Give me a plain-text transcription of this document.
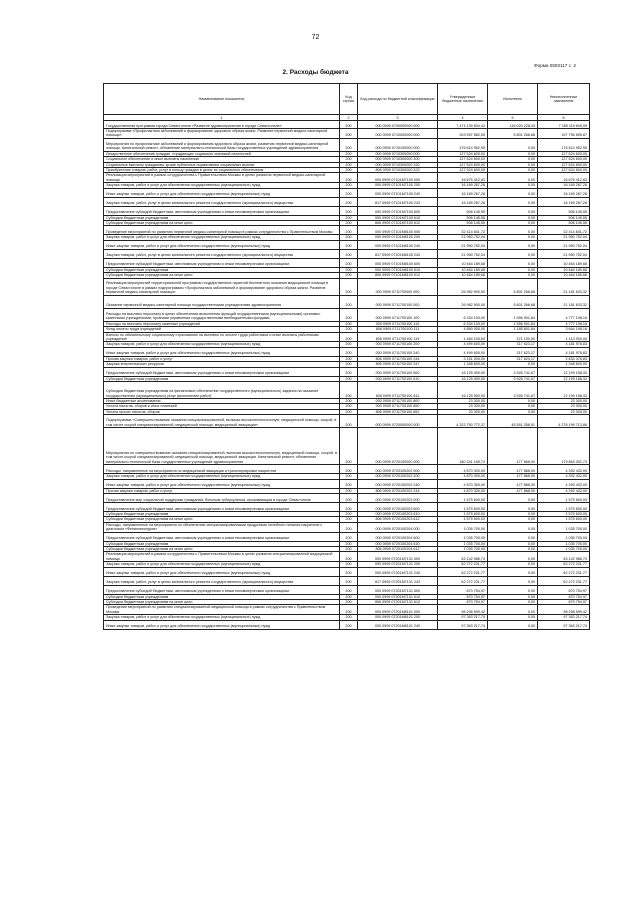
72
Форма 0503117 с. 2
2. Расходы бюджета
Наименование показателя	Код строки	Код расхода по бюджетной классификации	Утвержденные бюджетные назначения	Исполнено	Неисполненные назначения
1	2	3	4	5	6
Государственная программа города Севастополя «Развитие здравоохранения в городе Севастополе»	200	000 0909 0700000000 000	7 471 139 834,42	116 020 228,43	7 355 119 605,99
Подпрограмма «Профилактика заболеваний и формирование здорового образа жизни. Развитие первичной медико-санитарной помощи»	200	000 0909 0710000000 000	203 597 882,55	5 801 266,68	197 796 595,87
Мероприятия по профилактике заболеваний и формированию здорового образа жизни, развитию первичной медико-санитарной помощи. Капитальный ремонт, обновление материально-технической базы государственных учреждений здравоохранения	200	000 0909 0710100000 000	176 614 952,55	0,00	176 614 952,55
Лекарственное обеспечение граждан, страдающих социально значимой патологией	200	000 0909 0710300000 000	127 524 600,00	0,00	127 524 600,00
Социальное обеспечение и иные выплаты населению	200	000 0909 0710300000 300	127 524 600,00	0,00	127 524 600,00
Социальные выплаты гражданам, кроме публичных нормативных социальных выплат	200	000 0909 0710300000 320	127 524 600,00	0,00	127 524 600,00
Приобретение товаров, работ, услуг в пользу граждан в целях их социального обеспечения	200	806 0909 0710300000 323	127 524 600,00	0,00	127 524 600,00
Реализация мероприятий в рамках сотрудничества с Правительством Москвы в целях развития первичной медико-санитарной помощи	200	000 0909 07101М7100 000	16 675 412,83	0,00	16 675 412,83
Закупка товаров, работ и услуг для обеспечения государственных (муниципальных) нужд	200	000 0909 07101М7100 200	16 169 267,28	0,00	16 169 267,28
Иные закупки товаров, работ и услуг для обеспечения государственных (муниципальных) нужд	200	000 0909 07101М7100 240	16 169 267,28	0,00	16 169 267,28
Закупка товаров, работ, услуг в целях капитального ремонта государственного (муниципального) имущества	200	817 0909 07101М7100 243	16 169 267,28	0,00	16 169 267,28
Предоставление субсидий бюджетным, автономным учреждениям и иным некоммерческим организациям	200	000 0909 07101М7100 600	506 145,55	0,00	506 145,55
Субсидии бюджетным учреждениям	200	000 0909 07101М7100 610	506 145,55	0,00	506 145,55
Субсидии бюджетным учреждениям на иные цели	200	806 0909 07101М7100 612	506 145,55	0,00	506 145,55
Проведение мероприятий по развитию первичной медико-санитарной помощи в рамках сотрудничества с Правительством Москвы	200	000 0909 07101М8100 000	32 414 841,72	0,00	32 414 841,72
Закупка товаров, работ и услуг для обеспечения государственных (муниципальных) нужд	200	000 0909 07101М8100 200	21 950 752,04	0,00	21 950 752,04
Иные закупки товаров, работ и услуг для обеспечения государственных (муниципальных) нужд	200	000 0909 07101М8100 240	21 950 752,04	0,00	21 950 752,04
Закупка товаров, работ, услуг в целях капитального ремонта государственного (муниципального) имущества	200	817 0909 07101М8100 243	21 950 752,04	0,00	21 950 752,04
Предоставление субсидий бюджетным, автономным учреждениям и иным некоммерческим организациям	200	000 0909 07101М8100 600	10 464 189,68	0,00	10 464 189,68
Субсидии бюджетным учреждениям	200	000 0909 07101М8100 610	10 464 189,68	0,00	10 464 189,68
Субсидии бюджетным учреждениям на иные цели	200	806 0909 07101М8100 612	10 464 189,68	0,00	10 464 189,68
Реализация мероприятий территориальной программы государственных гарантий бесплатного оказания медицинской помощи в городе Севастополе в рамках подпрограммы «Профилактика заболеваний и формирование здорового образа жизни. Развитие первичной медико-санитарной помощи»	200	000 0909 0711700000 000	26 982 900,00	5 801 266,68	21 181 633,32
Оказание первичной медико-санитарной помощи государственными учреждениями здравоохранения	200	000 0909 0711700100 000	26 982 900,00	5 801 266,68	21 181 633,32
Расходы на выплаты персоналу в целях обеспечения выполнения функций государственными (муниципальными) органами, казенными учреждениями, органами управления государственными внебюджетными фондами	200	000 0909 0711700100 100	6 334 100,00	1 556 901,84	4 777 198,16
Расходы на выплаты персоналу казенных учреждений	200	000 0909 0711700100 110	6 334 100,00	1 556 901,84	4 777 198,16
Фонд оплаты труда учреждений	200	806 0909 0711700100 111	4 850 000,00	1 185 801,84	3 664 198,16
Взносы по обязательному социальному страхованию на выплаты по оплате труда работников и иные выплаты работникам учреждений	200	806 0909 0711700100 119	1 484 100,00	371 100,00	1 113 000,00
Закупка товаров, работ и услуг для обеспечения государственных (муниципальных) нужд	200	000 0909 0711700100 200	4 499 600,00	317 623,17	4 181 976,83
Иные закупки товаров, работ и услуг для обеспечения государственных (муниципальных) нужд	200	000 0909 0711700100 240	4 499 600,00	317 623,17	4 181 976,83
Прочая закупка товаров, работ и услуг	200	806 0909 0711700100 244	3 151 000,00	317 623,17	2 833 376,83
Закупка энергетических ресурсов	200	806 0909 0711700100 247	1 348 600,00	0,00	1 348 600,00
Предоставление субсидий бюджетным, автономным учреждениям и иным некоммерческим организациям	200	000 0909 0711700100 600	16 125 900,00	3 926 741,67	12 199 158,33
Субсидии бюджетным учреждениям	200	000 0909 0711700100 610	16 125 900,00	3 926 741,67	12 199 158,33
Субсидии бюджетным учреждениям на финансовое обеспечение государственного (муниципального) задания на оказание государственных (муниципальных) услуг (выполнение работ)	200	806 0909 0711700100 611	16 125 900,00	3 926 741,67	12 199 158,33
Иные бюджетные ассигнования	200	000 0909 0711700100 800	23 300,00	0,00	23 300,00
Уплата налогов, сборов и иных платежей	200	000 0909 0711700100 850	23 300,00	0,00	23 300,00
Уплата прочих налогов, сборов	200	806 0909 0711700100 852	23 300,00	0,00	23 300,00
Подпрограмма «Совершенствование оказания специализированной, включая высокотехнологичную, медицинской помощи, скорой, в том числе скорой специализированной, медицинской помощи, медицинской эвакуации»	200	000 0909 0720000000 000	4 323 750 772,37	45 551 358,51	4 278 199 713,86
Мероприятия по совершенствованию оказания специализированной, включая высокотехнологичную, медицинской помощи, скорой, в том числе скорой специализированной, медицинской помощи, медицинской эвакуации. Капитальный ремонт, обновление материально-технической базы государственных учреждений здравоохранения	200	000 0909 0720100000 000	180 341 169,73	477 868,00	179 863 301,73
Расходы, направленные на мероприятия по медицинской эвакуации и транспортировке пациентов	200	000 0909 0720100202 000	4 870 300,00	477 868,00	4 392 432,00
Закупка товаров, работ и услуг для обеспечения государственных (муниципальных) нужд	200	000 0909 0720100202 200	4 870 300,00	477 868,00	4 392 432,00
Иные закупки товаров, работ и услуг для обеспечения государственных (муниципальных) нужд	200	000 0909 0720100202 240	4 870 300,00	477 868,00	4 392 432,00
Прочая закупка товаров, работ и услуг	200	806 0909 0720100202 244	4 870 300,00	477 868,00	4 392 432,00
Предоставление мер социальной поддержки гражданам, больным туберкулезом, проживающим в городе Севастополе	200	000 0909 0720100203 000	1 575 600,00	0,00	1 575 600,00
Предоставление субсидий бюджетным, автономным учреждениям и иным некоммерческим организациям	200	000 0909 0720100203 600	1 575 600,00	0,00	1 575 600,00
Субсидии бюджетным учреждениям	200	000 0909 0720100203 610	1 575 600,00	0,00	1 575 600,00
Субсидии бюджетным учреждениям на иные цели	200	806 0909 0720100203 612	1 575 600,00	0,00	1 575 600,00
Расходы, направленные на мероприятия по обеспечению специализированными продуктами лечебного питания пациентов с диагнозом «Фенилкетонурия»	200	000 0909 0720100204 000	1 035 700,00	0,00	1 035 700,00
Предоставление субсидий бюджетным, автономным учреждениям и иным некоммерческим организациям	200	000 0909 0720100204 600	1 035 700,00	0,00	1 035 700,00
Субсидии бюджетным учреждениям	200	000 0909 0720100204 610	1 035 700,00	0,00	1 035 700,00
Субсидии бюджетным учреждениям на иные цели	200	806 0909 0720100204 612	1 035 700,00	0,00	1 035 700,00
Реализация мероприятий в рамках сотрудничества с Правительством Москвы в целях развития специализированной медицинской помощи	200	000 0909 07201М7131 000	63 142 986,74	0,00	63 142 986,74
Закупка товаров, работ и услуг для обеспечения государственных (муниципальных) нужд	200	000 0909 07201М7131 200	62 272 231,77	0,00	62 272 231,77
Иные закупки товаров, работ и услуг для обеспечения государственных (муниципальных) нужд	200	000 0909 07201М7131 240	62 272 231,77	0,00	62 272 231,77
Закупка товаров, работ, услуг в целях капитального ремонта государственного (муниципального) имущества	200	817 0909 07201М7131 243	62 272 231,77	0,00	62 272 231,77
Предоставление субсидий бюджетным, автономным учреждениям и иным некоммерческим организациям	200	000 0909 07201М7131 600	870 754,97	0,00	870 754,97
Субсидии бюджетным учреждениям	200	000 0909 07201М7131 610	870 754,97	0,00	870 754,97
Субсидии бюджетным учреждениям на иные цели	200	806 0909 07201М7131 612	870 754,97	0,00	870 754,97
Проведение мероприятий по развитию специализированной медицинской помощи в рамках сотрудничества с Правительством Москвы	200	000 0909 07201М8101 000	98 298 599,42	0,00	98 298 599,42
Закупка товаров, работ и услуг для обеспечения государственных (муниципальных) нужд	200	000 0909 07201М8101 200	97 363 217,74	0,00	97 363 217,74
Иные закупки товаров, работ и услуг для обеспечения государственных (муниципальных) нужд	200	000 0909 07201М8101 240	97 363 217,74	0,00	97 363 217,74
